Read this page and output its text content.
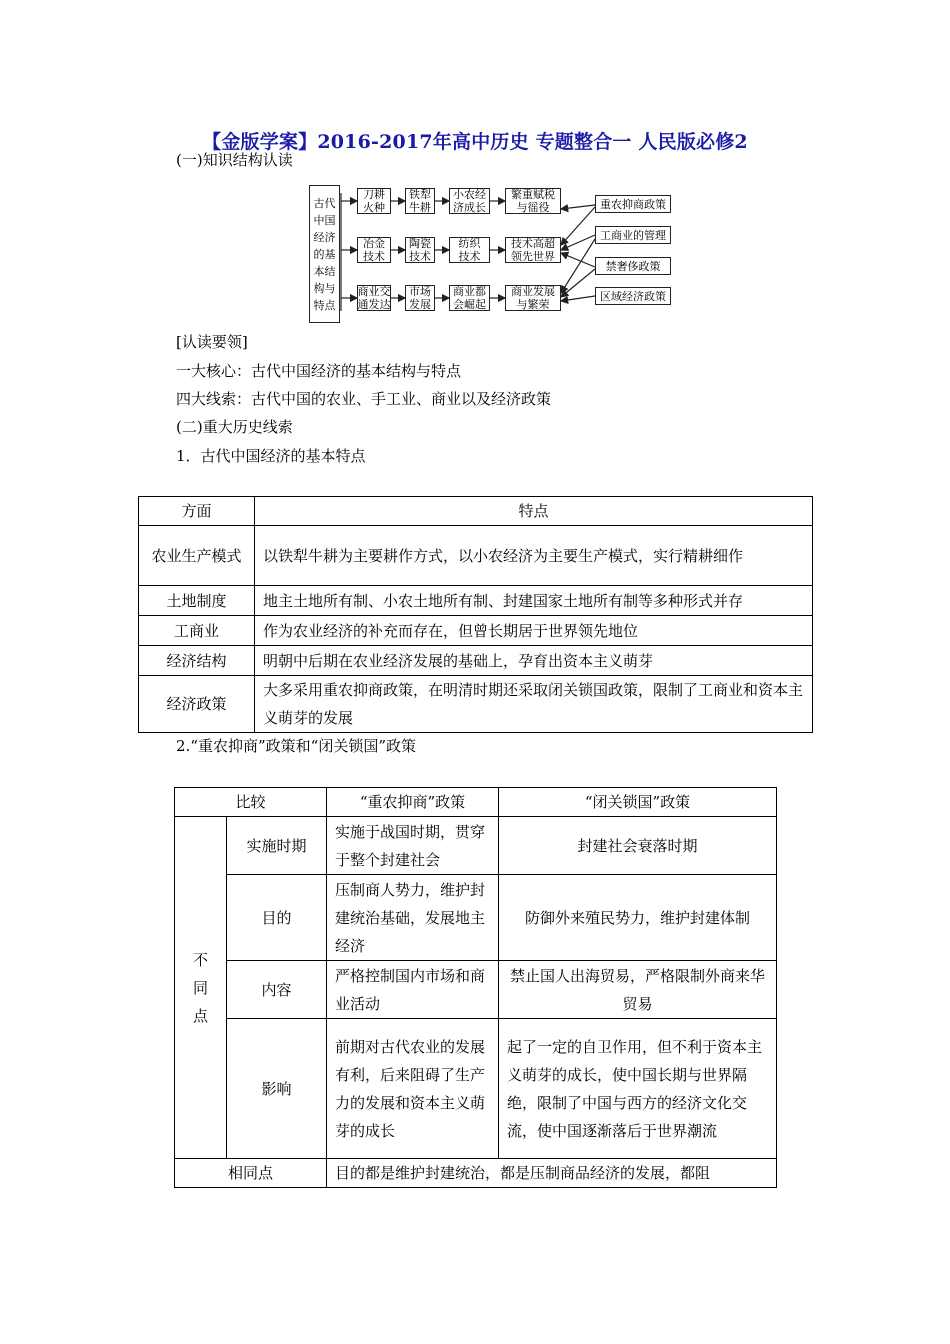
【金版学案】2016-2017年高中历史 专题整合一 人民版必修2
(一)知识结构认读
古代
中国
经济
的基
本结
构与
特点
刀耕
火种
铁犁
牛耕
小农经
济成长
繁重赋税
与徭役
冶金
技术
陶瓷
技术
纺织
技术
技术高超
领先世界
商业交
通发达
市场
发展
商业都
会崛起
商业发展
与繁荣
重农抑商政策
工商业的管理
禁奢侈政策
区域经济政策
[认读要领]
一大核心：古代中国经济的基本结构与特点
四大线索：古代中国的农业、手工业、商业以及经济政策
(二)重大历史线索
1．古代中国经济的基本特点
方面	特点
农业生产模式	以铁犁牛耕为主要耕作方式，以小农经济为主要生产模式，实行精耕细作
土地制度	地主土地所有制、小农土地所有制、封建国家土地所有制等多种形式并存
工商业	作为农业经济的补充而存在，但曾长期居于世界领先地位
经济结构	明朝中后期在农业经济发展的基础上，孕育出资本主义萌芽
经济政策	大多采用重农抑商政策，在明清时期还采取闭关锁国政策，限制了工商业和资本主义萌芽的发展
2.“重农抑商”政策和“闭关锁国”政策
比较		“重农抑商”政策	“闭关锁国”政策
不同点	实施时期	实施于战国时期，贯穿于整个封建社会	封建社会衰落时期
	目的	压制商人势力，维护封建统治基础，发展地主经济	防御外来殖民势力，维护封建体制
	内容	严格控制国内市场和商业活动	禁止国人出海贸易，严格限制外商来华贸易
	影响	前期对古代农业的发展有利，后来阻碍了生产力的发展和资本主义萌芽的成长	起了一定的自卫作用，但不利于资本主义萌芽的成长，使中国长期与世界隔绝，限制了中国与西方的经济文化交流，使中国逐渐落后于世界潮流
相同点		目的都是维护封建统治，都是压制商品经济的发展，都阻	
